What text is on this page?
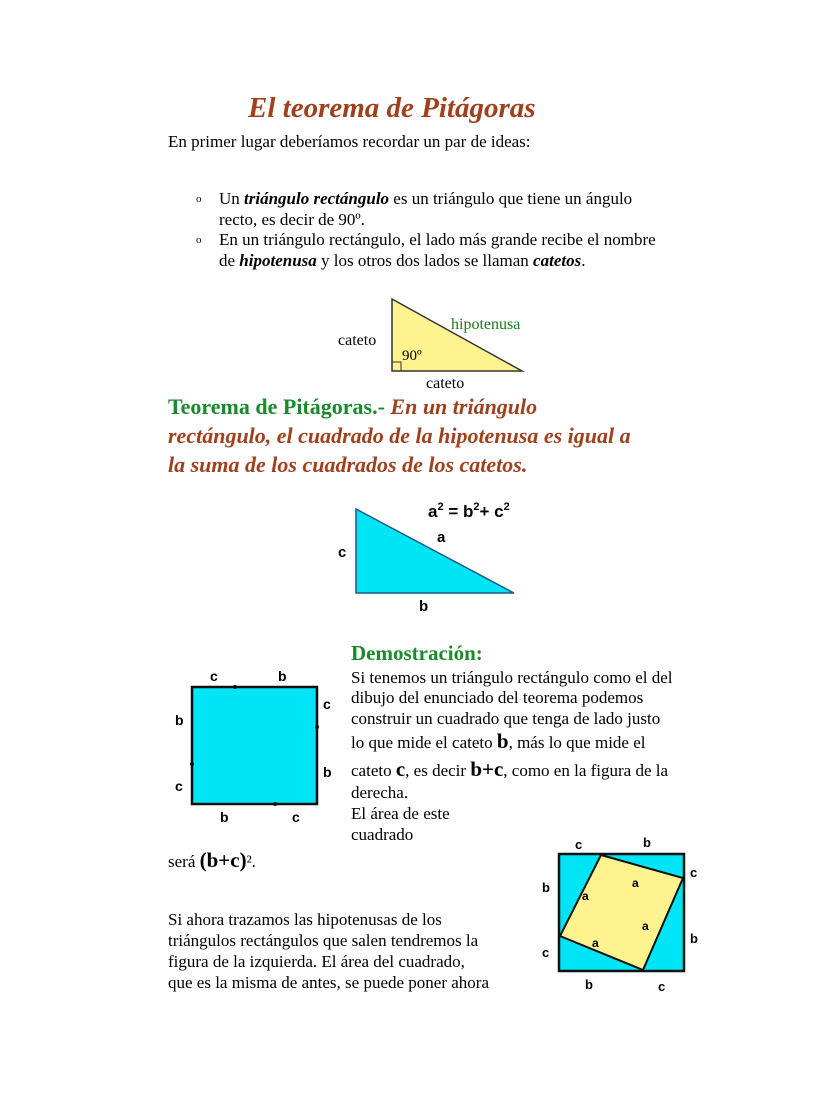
El teorema de Pitágoras
En primer lugar deberíamos recordar un par de ideas:
o Un triángulo rectángulo es un triángulo que tiene un ángulo
recto, es decir de 90º.
o En un triángulo rectángulo, el lado más grande recibe el nombre
de hipotenusa y los otros dos lados se llaman catetos.
cateto
hipotenusa
90º
cateto
Teorema de Pitágoras.- En un triángulo
rectángulo, el cuadrado de la hipotenusa es igual a
la suma de los cuadrados de los catetos.
$a^2 = b^2+ c^2$
c
a
b
Demostración:
Si tenemos un triángulo rectángulo como el del
dibujo del enunciado del teorema podemos
construir un cuadrado que tenga de lado justo
lo que mide el cateto b, más lo que mide el
cateto c, es decir b+c, como en la figura de la
derecha.
El área de este
cuadrado
será (b+c)².
Si ahora trazamos las hipotenusas de los
triángulos rectángulos que salen tendremos la
figura de la izquierda. El área del cuadrado,
que es la misma de antes, se puede poner ahora
c	b
b
c
c
b
b	c
c	b
b
c
c
b
b	c
a
a
a
a
